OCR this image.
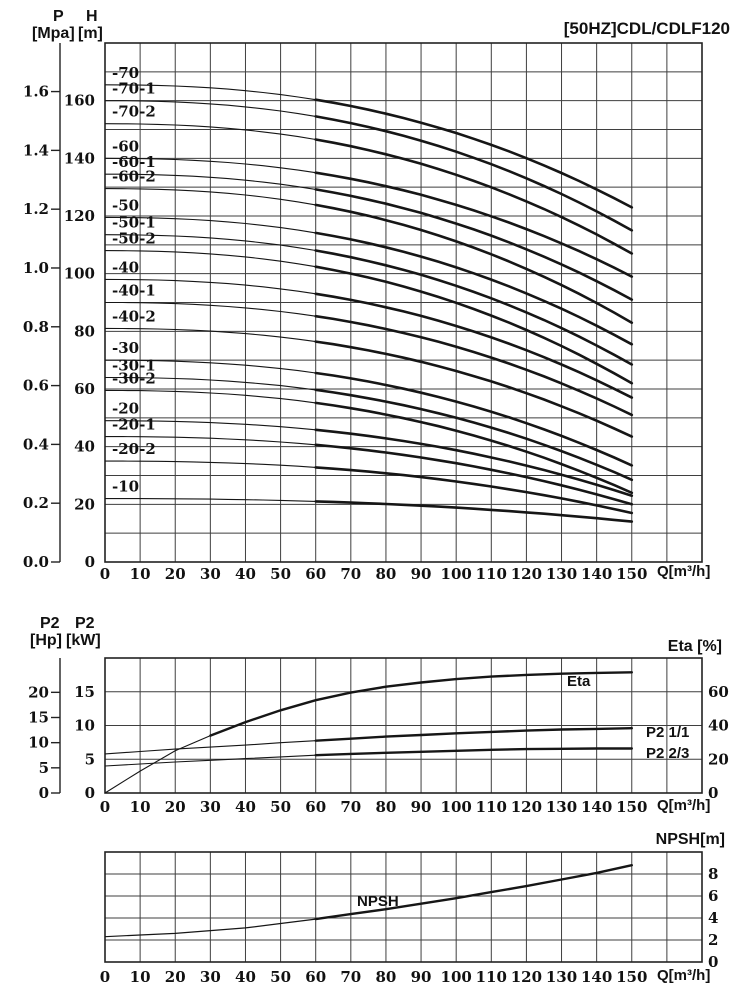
-70
-70-1
-70-2
-60
-60-1
-60-2
-50
-50-1
-50-2
-40
-40-1
-40-2
-30
-30-1
-30-2
-20
-20-1
-20-2
-10
0.0
0.2
0.4
0.6
0.8
1.0
1.2
1.4
1.6
0
20
40
60
80
100
120
140
160
0 10 20 30 40 50 60 70 80 90 100 110 120 130 140 150
0
5
10
15
20
0
5
10
15
0
20
40
60
0 10 20 30 40 50 60 70 80 90 100 110 120 130 140 150
0
2
4
6
8
0 10 20 30 40 50 60 70 80 90 100 110 120 130 140 150
P H
[Mpa] [m]	[50HZ]CDL/CDLF120
Q[m³/h]
P2 P2
[Hp] [kW]	Eta [%]
Q[m³/h]
Eta
P2 1/1
P2 2/3
NPSH[m]
Q[m³/h]
NPSH
